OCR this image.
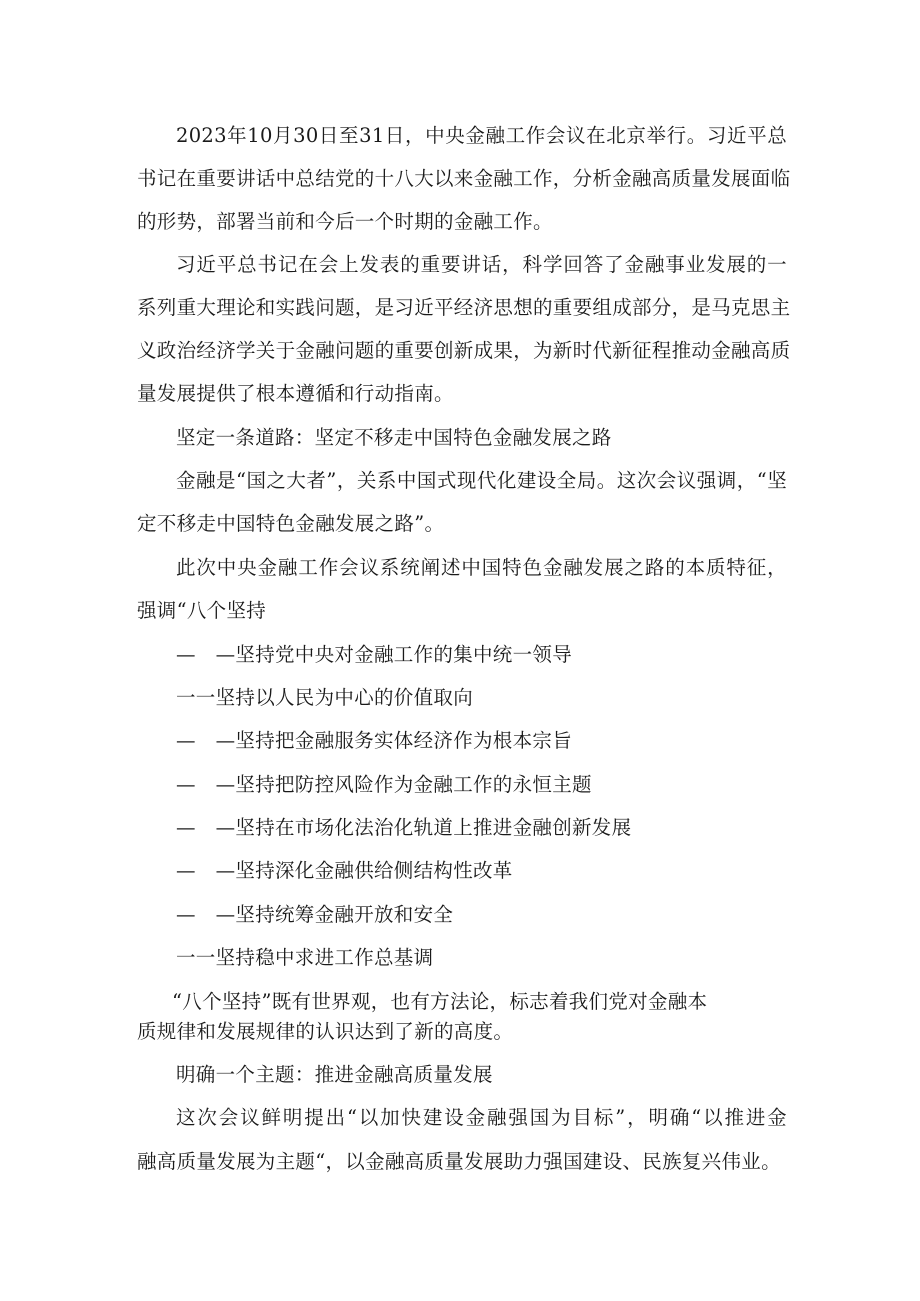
2023年10月30日至31日，中央金融工作会议在北京举行。习近平总

书记在重要讲话中总结党的十八大以来金融工作，分析金融高质量发展面临

的形势，部署当前和今后一个时期的金融工作。

习近平总书记在会上发表的重要讲话，科学回答了金融事业发展的一

系列重大理论和实践问题，是习近平经济思想的重要组成部分，是马克思主

义政治经济学关于金融问题的重要创新成果，为新时代新征程推动金融高质

量发展提供了根本遵循和行动指南。

坚定一条道路：坚定不移走中国特色金融发展之路

金融是“国之大者”，关系中国式现代化建设全局。这次会议强调，“坚

定不移走中国特色金融发展之路”。

此次中央金融工作会议系统阐述中国特色金融发展之路的本质特征，

强调“八个坚持

—　—坚持党中央对金融工作的集中统一领导

一一坚持以人民为中心的价值取向

—　—坚持把金融服务实体经济作为根本宗旨

—　—坚持把防控风险作为金融工作的永恒主题

—　—坚持在市场化法治化轨道上推进金融创新发展

—　—坚持深化金融供给侧结构性改革

—　—坚持统筹金融开放和安全

一一坚持稳中求进工作总基调

“八个坚持”既有世界观，也有方法论，标志着我们党对金融本

质规律和发展规律的认识达到了新的高度。

明确一个主题：推进金融高质量发展

这次会议鲜明提出“以加快建设金融强国为目标”，明确“以推进金

融高质量发展为主题“，以金融高质量发展助力强国建设、民族复兴伟业。
